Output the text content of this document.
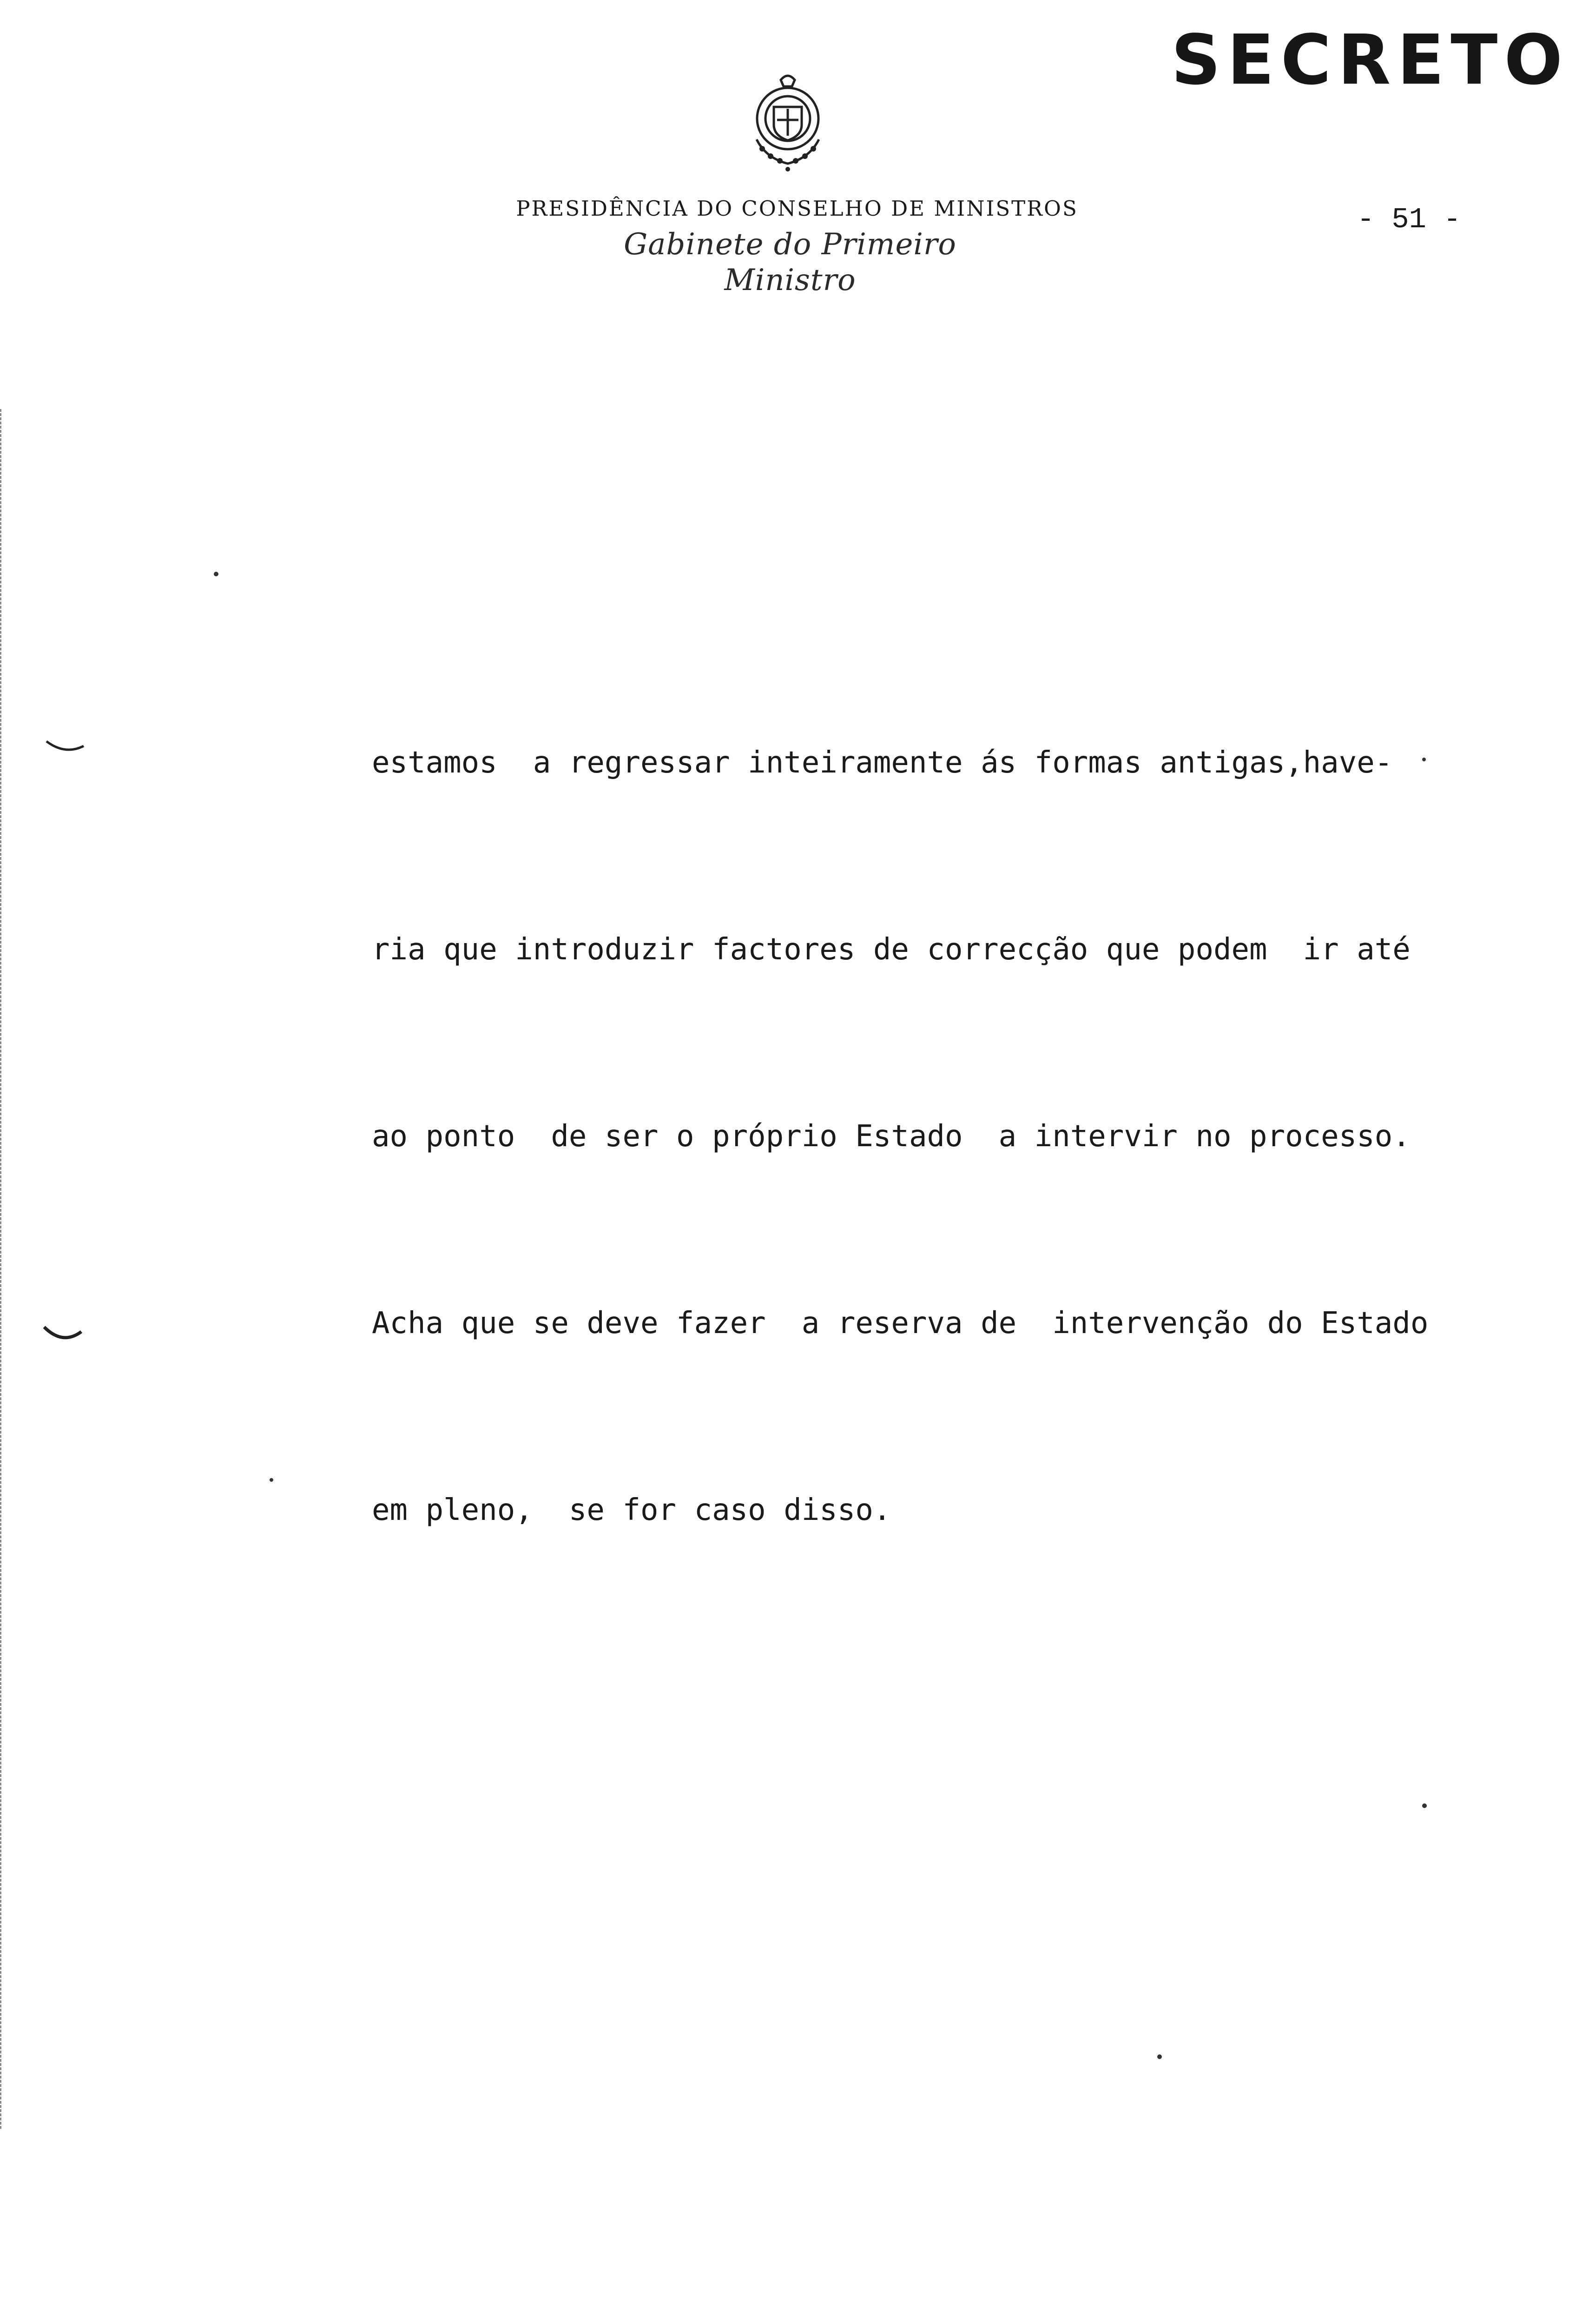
SECRETO
PRESIDÊNCIA DO CONSELHO DE MINISTROS
Gabinete do Primeiro Ministro
- 51 -

estamos  a regressar inteiramente ás formas antigas,have-

ria que introduzir factores de correcção que podem  ir até

ao ponto  de ser o próprio Estado  a intervir no processo.

Acha que se deve fazer  a reserva de  intervenção do Estado

em pleno,  se for caso disso.
